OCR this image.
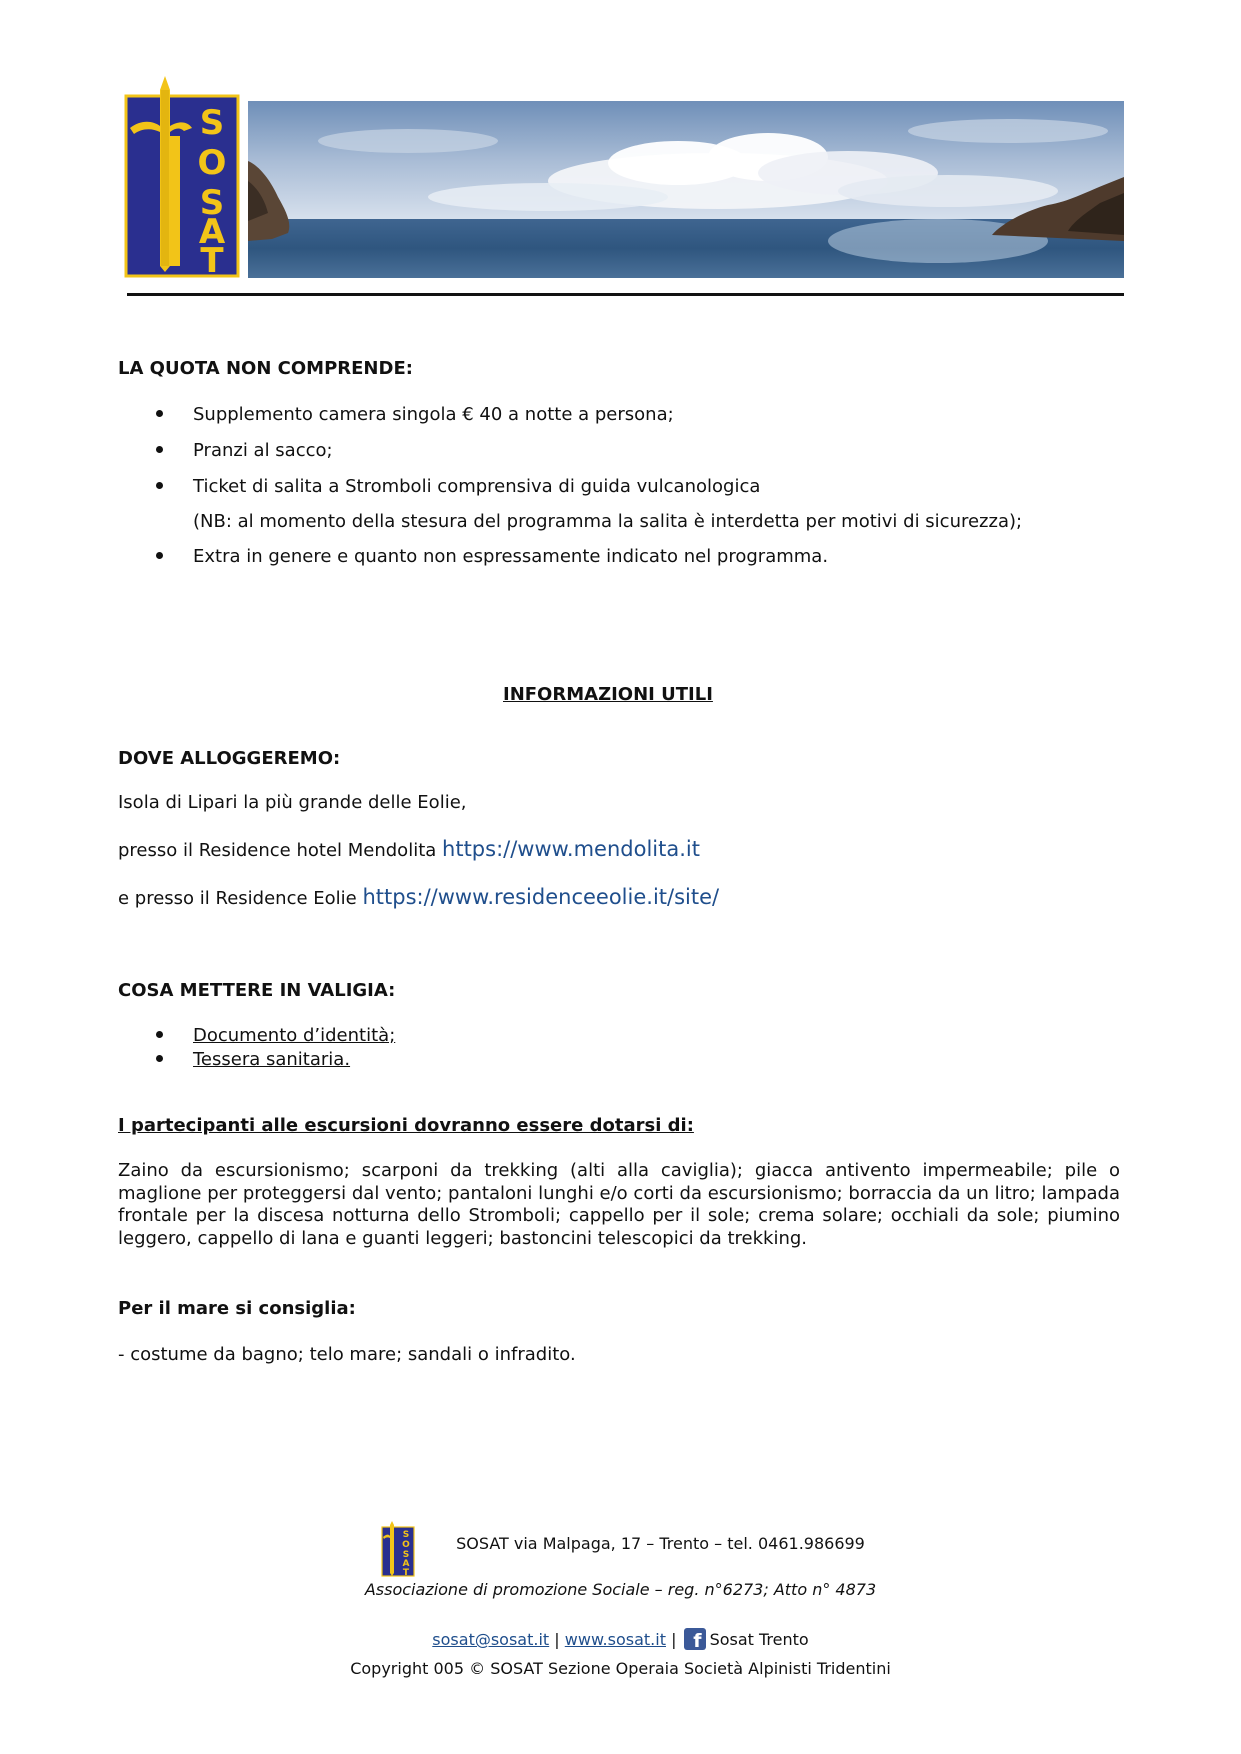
S
O
S
A
T
LA QUOTA NON COMPRENDE:
Supplemento camera singola € 40 a notte a persona;
Pranzi al sacco;
Ticket di salita a Stromboli comprensiva di guida vulcanologica
(NB: al momento della stesura del programma la salita è interdetta per motivi di sicurezza);
Extra in genere e quanto non espressamente indicato nel programma.
INFORMAZIONI UTILI
DOVE ALLOGGEREMO:
Isola di Lipari la più grande delle Eolie,
presso il Residence hotel Mendolita https://www.mendolita.it
e presso il Residence Eolie https://www.residenceeolie.it/site/
COSA METTERE IN VALIGIA:
Documento d’identità;
Tessera sanitaria.
I partecipanti alle escursioni dovranno essere dotarsi di:
Zaino da escursionismo; scarponi da trekking (alti alla caviglia); giacca antivento impermeabile; pile o maglione per proteggersi dal vento; pantaloni lunghi e/o corti da escursionismo; borraccia da un litro; lampada frontale per la discesa notturna dello Stromboli; cappello per il sole; crema solare; occhiali da sole; piumino leggero, cappello di lana e guanti leggeri; bastoncini telescopici da trekking.
Per il mare si consiglia:
- costume da bagno; telo mare; sandali o infradito.
S
O
S
A
T
SOSAT via Malpaga, 17 – Trento – tel. 0461.986699
Associazione di promozione Sociale – reg. n°6273; Atto n° 4873
sosat@sosat.it | www.sosat.it | f Sosat Trento
Copyright 005 © SOSAT Sezione Operaia Società Alpinisti Tridentini
